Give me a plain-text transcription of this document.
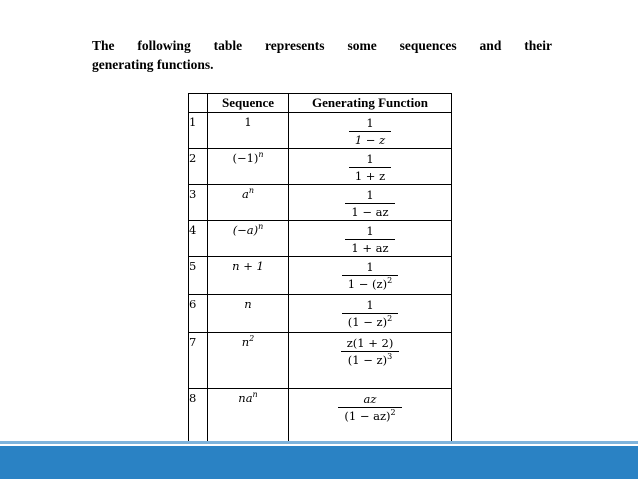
The following table represents some sequences and their
generating functions.
	Sequence	Generating Function
1	1	$\frac{1}{1 - z}$

2	$(-1)^n$	$\frac{1}{1 + z}$

3	$a^n$	$\frac{1}{1 - az}$

4	$(-a)^n$	$\frac{1}{1 + az}$

5	n + 1	$\frac{1}{1 - (z)^2}$

6	n	$\frac{1}{(1 - z)^2}$

7	$n^2$	$\frac{z(1 + 2)}{(1 - z)^3}$

8	$na^n$	$\frac{az}{(1 - az)^2}$
